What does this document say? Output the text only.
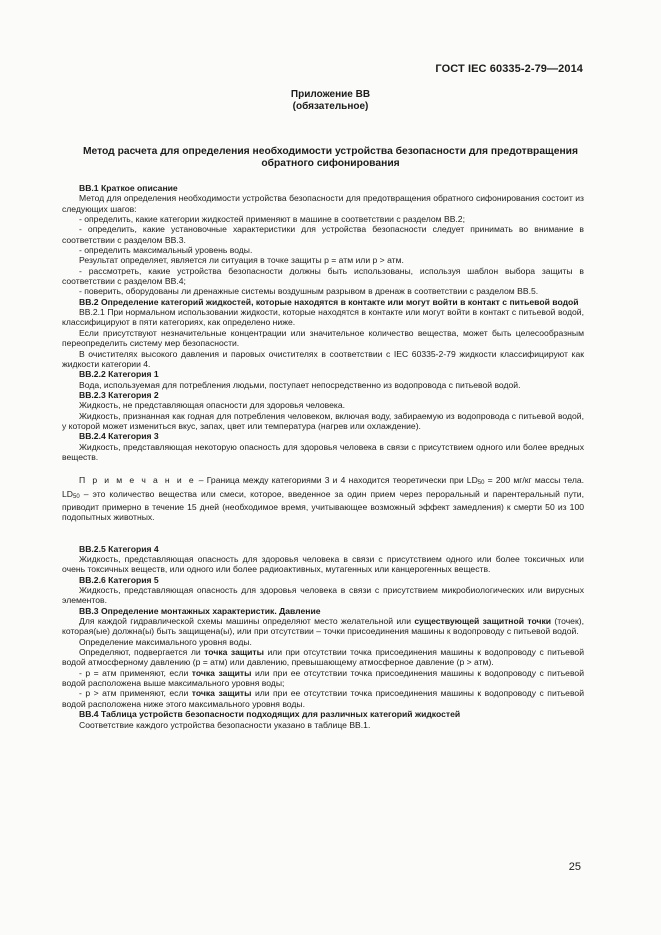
ГОСТ IEC 60335-2-79—2014
Приложение ВВ
(обязательное)
Метод расчета для определения необходимости устройства безопасности для предотвращения обратного сифонирования

ВВ.1 Краткое описание

Метод для определения необходимости устройства безопасности для предотвращения обратного сифонирования состоит из следующих шагов:

- определить, какие категории жидкостей применяют в машине в соответствии с разделом ВВ.2;

- определить, какие установочные характеристики для устройства безопасности следует принимать во внимание в соответствии с разделом ВВ.3.

- определить максимальный уровень воды.

Результат определяет, является ли ситуация в точке защиты p = атм или p > атм.

- рассмотреть, какие устройства безопасности должны быть использованы, используя шаблон выбора защиты в соответствии с разделом ВВ.4;

- поверить, оборудованы ли дренажные системы воздушным разрывом в дренаж в соответствии с разделом ВВ.5.

ВВ.2 Определение категорий жидкостей, которые находятся в контакте или могут войти в контакт с питьевой водой

ВВ.2.1 При нормальном использовании жидкости, которые находятся в контакте или могут войти в контакт с питьевой водой, классифицируют в пяти категориях, как определено ниже.

Если присутствуют незначительные концентрации или значительное количество вещества, может быть целесообразным переопределить систему мер безопасности.

В очистителях высокого давления и паровых очистителях в соответствии с IEC 60335-2-79 жидкости классифицируют как жидкости категории 4.

ВВ.2.2 Категория 1

Вода, используемая для потребления людьми, поступает непосредственно из водопровода с питьевой водой.

ВВ.2.3 Категория 2

Жидкость, не представляющая опасности для здоровья человека.

Жидкость, признанная как годная для потребления человеком, включая воду, забираемую из водопровода с питьевой водой, у которой может измениться вкус, запах, цвет или температура (нагрев или охлаждение).

ВВ.2.4 Категория 3

Жидкость, представляющая некоторую опасность для здоровья человека в связи с присутствием одного или более вредных веществ.

П р и м е ч а н и е – Граница между категориями 3 и 4 находится теоретически при $LD_{50} = 200$ мг/кг массы тела. $LD_{50}$ – это количество вещества или смеси, которое, введенное за один прием через пероральный и парентеральный пути, приводит примерно в течение 15 дней (необходимое время, учитывающее возможный эффект замедления) к смерти 50 из 100 подопытных животных.

ВВ.2.5 Категория 4

Жидкость, представляющая опасность для здоровья человека в связи с присутствием одного или более токсичных или очень токсичных веществ, или одного или более радиоактивных, мутагенных или канцерогенных веществ.

ВВ.2.6 Категория 5

Жидкость, представляющая опасность для здоровья человека в связи с присутствием микробиологических или вирусных элементов.

ВВ.3 Определение монтажных характеристик. Давление

Для каждой гидравлической схемы машины определяют место желательной или существующей защитной точки (точек), которая(ые) должна(ы) быть защищена(ы), или при отсутствии – точки присоединения машины к водопроводу с питьевой водой.

Определение максимального уровня воды.

Определяют, подвергается ли точка защиты или при отсутствии точка присоединения машины к водопроводу с питьевой водой атмосферному давлению (p = атм) или давлению, превышающему атмосферное давление (p > атм).

- p = атм применяют, если точка защиты или при ее отсутствии точка присоединения машины к водопроводу с питьевой водой расположена выше максимального уровня воды;

- p > атм применяют, если точка защиты или при ее отсутствии точка присоединения машины к водопроводу с питьевой водой расположена ниже этого максимального уровня воды.

ВВ.4 Таблица устройств безопасности подходящих для различных категорий жидкостей

Соответствие каждого устройства безопасности указано в таблице ВВ.1.

25
